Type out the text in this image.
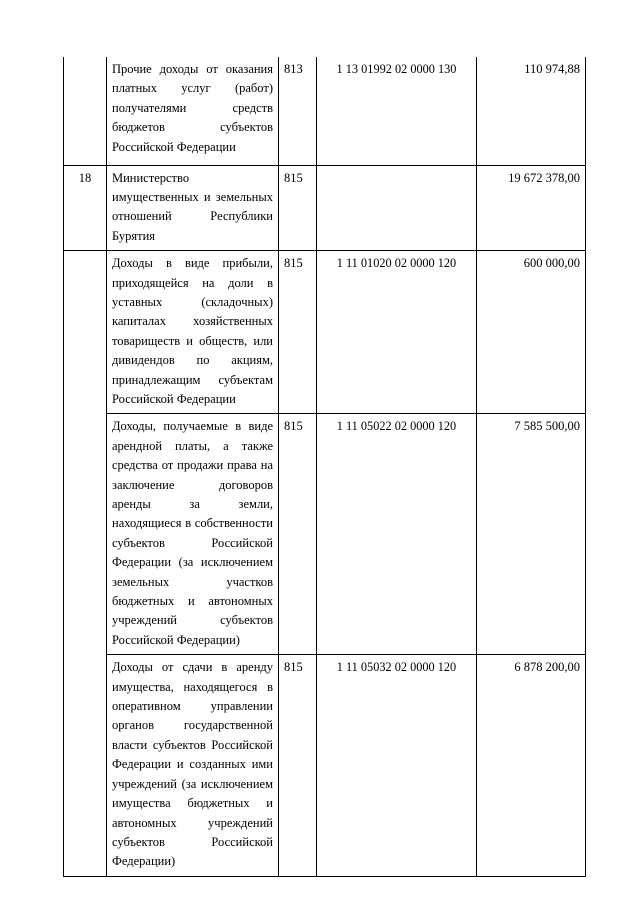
	Прочие доходы от оказания платных услуг (работ) получателями средств бюджетов субъектов Российской Федерации	813	1 13 01992 02 0000 130	110 974,88
18	Министерство имущественных и земельных отношений Республики Бурятия	815		19 672 378,00
	Доходы в виде прибыли, приходящейся на доли в уставных (складочных) капиталах хозяйственных товариществ и обществ, или дивидендов по акциям, принадлежащим субъектам Российской Федерации	815	1 11 01020 02 0000 120	600 000,00
	Доходы, получаемые в виде арендной платы, а также средства от продажи права на заключение договоров аренды за земли, находящиеся в собственности субъектов Российской Федерации (за исключением земельных участков бюджетных и автономных учреждений субъектов Российской Федерации)	815	1 11 05022 02 0000 120	7 585 500,00
	Доходы от сдачи в аренду имущества, находящегося в оперативном управлении органов государственной власти субъектов Российской Федерации и созданных ими учреждений (за исключением имущества бюджетных и автономных учреждений субъектов Российской Федерации)	815	1 11 05032 02 0000 120	6 878 200,00
